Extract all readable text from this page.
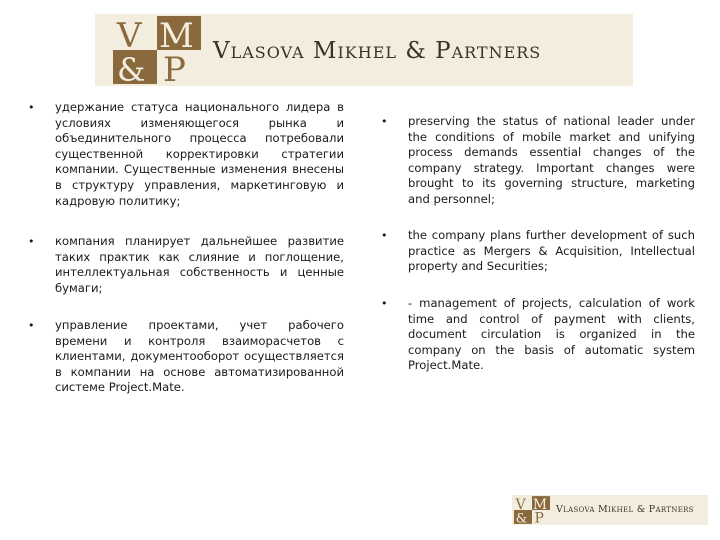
V M
& P Vlasova Mikhel & Partners
• удержание статуса национального лидера в условиях изменяющегося рынка и объединительного процесса потребовали существенной корректировки стратегии компании. Существенные изменения внесены в структуру управления, маркетинговую и кадровую политику;
• компания планирует дальнейшее развитие таких практик как слияние и поглощение, интеллектуальная собственность и ценные бумаги;
• управление проектами, учет рабочего времени и контроля взаиморасчетов с клиентами, документооборот осуществляется в компании на основе автоматизированной системе Project.Mate.
• preserving the status of national leader under the conditions of mobile market and unifying process demands essential changes of the company strategy. Important changes were brought to its governing structure, marketing and personnel;
• the company plans further development of such practice as Mergers & Acquisition, Intellectual property and Securities;
• - management of projects, calculation of work time and control of payment with clients, document circulation is organized in the company on the basis of automatic system Project.Mate.
V M
& P
Vlasova Mikhel & Partners
